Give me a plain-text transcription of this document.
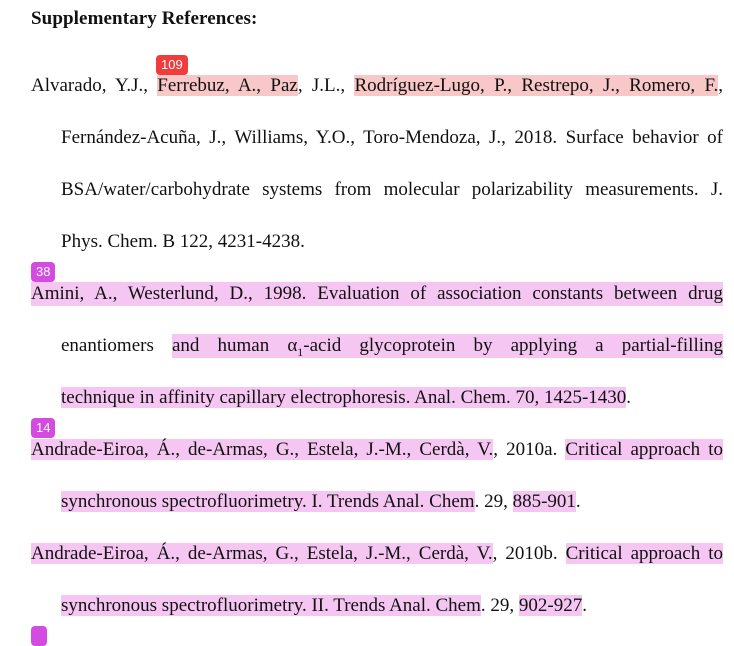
Supplementary References:
109
Alvarado, Y.J., Ferrebuz, A., Paz, J.L., Rodríguez-Lugo, P., Restrepo, J., Romero, F.,
Fernández-Acuña, J., Williams, Y.O., Toro-Mendoza, J., 2018. Surface behavior of
BSA/water/carbohydrate systems from molecular polarizability measurements. J.
Phys. Chem. B 122, 4231-4238.
38
Amini, A., Westerlund, D., 1998. Evaluation of association constants between drug
enantiomers and human $\alpha_1$-acid glycoprotein by applying a partial-filling
technique in affinity capillary electrophoresis. Anal. Chem. 70, 1425-1430.
14
Andrade-Eiroa, Á., de-Armas, G., Estela, J.-M., Cerdà, V., 2010a. Critical approach to
synchronous spectrofluorimetry. I. Trends Anal. Chem. 29, 885-901.
Andrade-Eiroa, Á., de-Armas, G., Estela, J.-M., Cerdà, V., 2010b. Critical approach to
synchronous spectrofluorimetry. II. Trends Anal. Chem. 29, 902-927.
